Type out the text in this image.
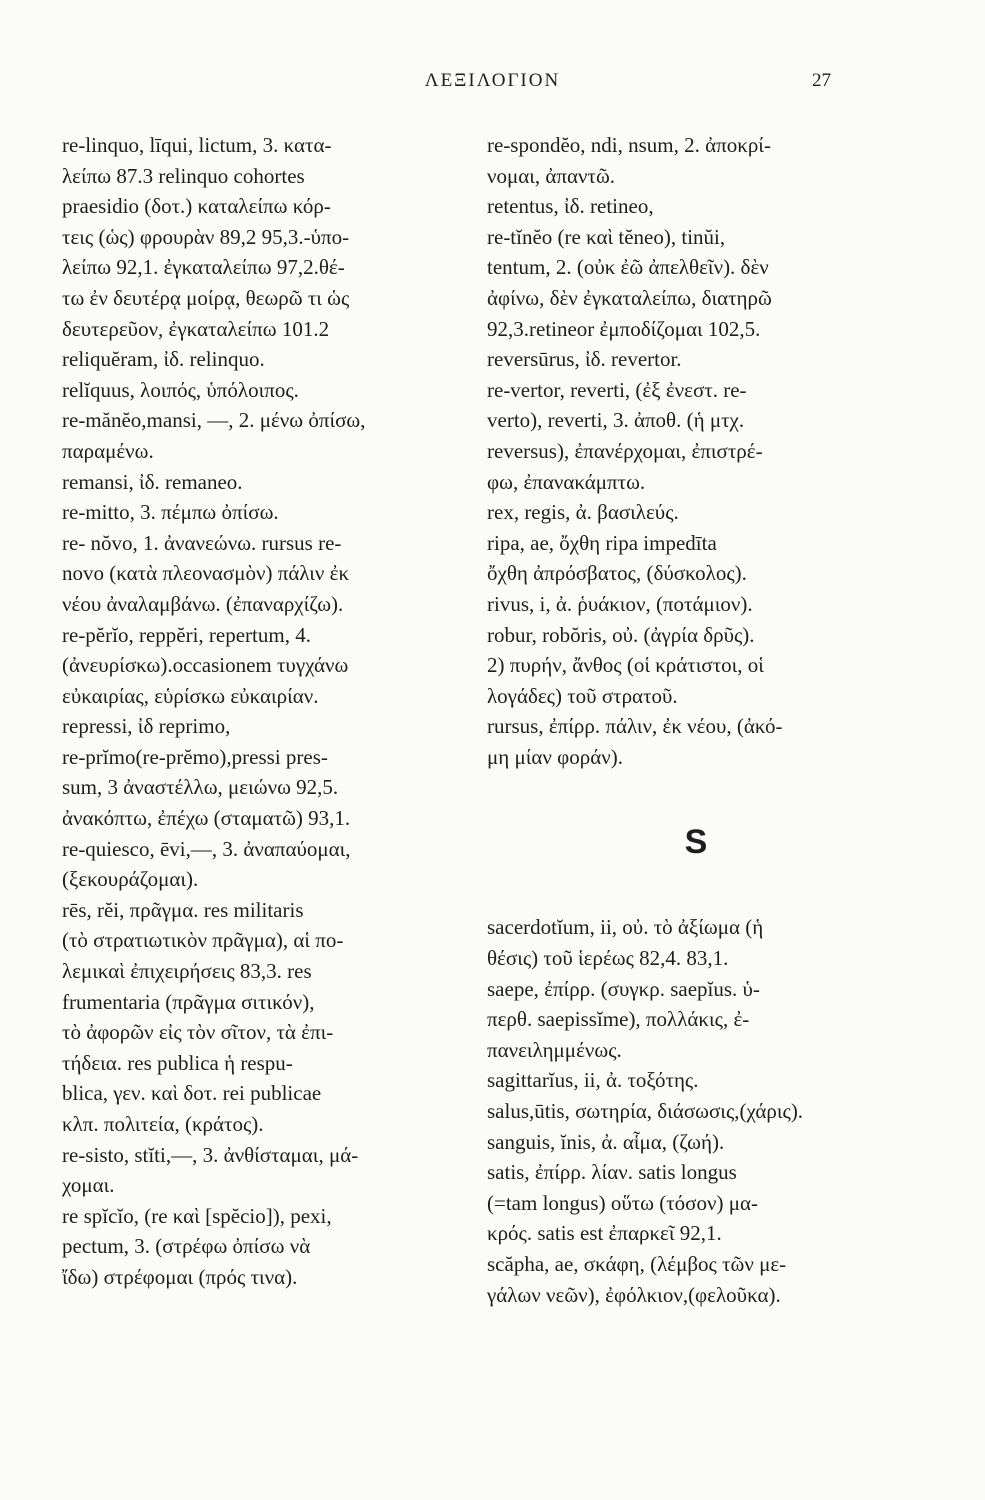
ΛΕΞΙΛΟΓΙΟΝ	27
re-linquo, līqui, lictum, 3. κατα-
λείπω 87.3 relinquo cohortes
praesidio (δοτ.) καταλείπω κόρ-
τεις (ὡς) φρουρὰν 89,2 95,3.-ὑπο-
λείπω 92,1. ἐγκαταλείπω 97,2.θέ-
τω ἐν δευτέρᾳ μοίρᾳ, θεωρῶ τι ὡς
δευτερεῦον, ἐγκαταλείπω 101.2
reliquĕram, ἰδ. relinquo.
relĭquus, λοιπός, ὑπόλοιπος.
re-mănĕo,mansi, —, 2. μένω ὀπίσω,
παραμένω.
remansi, ἰδ. remaneo.
re-mitto, 3. πέμπω ὀπίσω.
re- nŏvo, 1. ἀνανεώνω. rursus re-
novo (κατὰ πλεονασμὸν) πάλιν ἐκ
νέου ἀναλαμβάνω. (ἐπαναρχίζω).
re-pĕrĭo, reppĕri, repertum, 4.
(ἀνευρίσκω).occasionem τυγχάνω
εὐκαιρίας, εὑρίσκω εὐκαιρίαν.
repressi, ἰδ reprimo,
re-prĭmo(re-prĕmo),pressi pres-
sum, 3 ἀναστέλλω, μειώνω 92,5.
ἀνακόπτω, ἐπέχω (σταματῶ) 93,1.
re-quiesco, ēvi,—, 3. ἀναπαύομαι,
(ξεκουράζομαι).
rēs, rĕi, πρᾶγμα. res militaris
(τὸ στρατιωτικὸν πρᾶγμα), αἱ πο-
λεμικαὶ ἐπιχειρήσεις 83,3. res
frumentaria (πρᾶγμα σιτικόν),
τὸ ἀφορῶν εἰς τὸν σῖτον, τὰ ἐπι-
τήδεια. res publica ἡ respu-
blica, γεν. καὶ δοτ. rei publicae
κλπ. πολιτεία, (κράτος).
re-sisto, stĭti,—, 3. ἀνθίσταμαι, μά-
χομαι.
re spĭcĭo, (re καὶ [spĕcio]), pexi,
pectum, 3. (στρέφω ὀπίσω νὰ
ἴδω) στρέφομαι (πρός τινα).
re-spondĕo, ndi, nsum, 2. ἀποκρί-
νομαι, ἀπαντῶ.
retentus, ἰδ. retineo,
re-tĭnĕo (re καὶ tĕneo), tinŭi,
tentum, 2. (οὐκ ἐῶ ἀπελθεῖν). δὲν
ἀφίνω, δὲν ἐγκαταλείπω, διατηρῶ
92,3.retineor ἐμποδίζομαι 102,5.
reversūrus, ἰδ. revertor.
re-vertor, reverti, (ἐξ ἐνεστ. re-
verto), reverti, 3. ἀποθ. (ἡ μτχ.
reversus), ἐπανέρχομαι, ἐπιστρέ-
φω, ἐπανακάμπτω.
rex, regis, ἀ. βασιλεύς.
ripa, ae, ὄχθη ripa impedīta
ὄχθη ἀπρόσβατος, (δύσκολος).
rivus, i, ἀ. ῥυάκιον, (ποτάμιον).
robur, robŏris, οὐ. (ἀγρία δρῦς).
2) πυρήν, ἄνθος (οἱ κράτιστοι, οἱ
λογάδες) τοῦ στρατοῦ.
rursus, ἐπίρρ. πάλιν, ἐκ νέου, (ἀκό-
μη μίαν φοράν).
S
sacerdotĭum, ii, οὐ. τὸ ἀξίωμα (ἡ
θέσις) τοῦ ἱερέως 82,4. 83,1.
saepe, ἐπίρρ. (συγκρ. saepĭus. ὑ-
περθ. saepissĭme), πολλάκις, ἐ-
πανειλημμένως.
sagittarĭus, ii, ἀ. τοξότης.
salus,ūtis, σωτηρία, διάσωσις,(χάρις).
sanguis, ĭnis, ἀ. αἷμα, (ζωή).
satis, ἐπίρρ. λίαν. satis longus
(=tam longus) οὕτω (τόσον) μα-
κρός. satis est ἐπαρκεῖ 92,1.
scăpha, ae, σκάφη, (λέμβος τῶν με-
γάλων νεῶν), ἐφόλκιον,(φελοῦκα).
